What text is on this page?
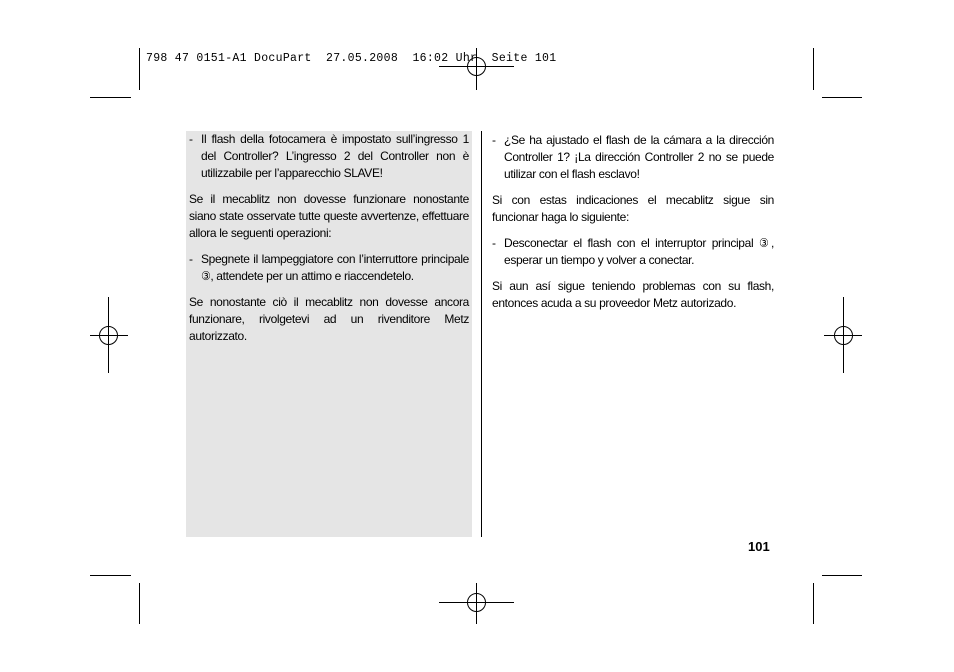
798 47 0151-A1 DocuPart  27.05.2008  16:02 Uhr  Seite 101
- Il flash della fotocamera è impostato sull’ingresso 1 del Controller? L’ingresso 2 del Controller non è utilizzabile per l’apparecchio SLAVE!

Se il mecablitz non dovesse funzionare nonostante siano state osservate tutte queste avvertenze, effettuare allora le seguenti operazioni:

- Spegnete il lampeggiatore con l’interruttore principale ③, attendete per un attimo e riaccendetelo.

Se nonostante ciò il mecablitz non dovesse ancora funzionare, rivolgetevi ad un rivenditore Metz autorizzato.

- ¿Se ha ajustado el flash de la cámara a la dirección Controller 1? ¡La dirección Controller 2 no se puede utilizar con el flash esclavo!

Si con estas indicaciones el mecablitz sigue sin funcionar haga lo siguiente:

- Desconectar el flash con el interruptor principal ③, esperar un tiempo y volver a conectar.

Si aun así sigue teniendo problemas con su flash, entonces acuda a su proveedor Metz autorizado.

101
